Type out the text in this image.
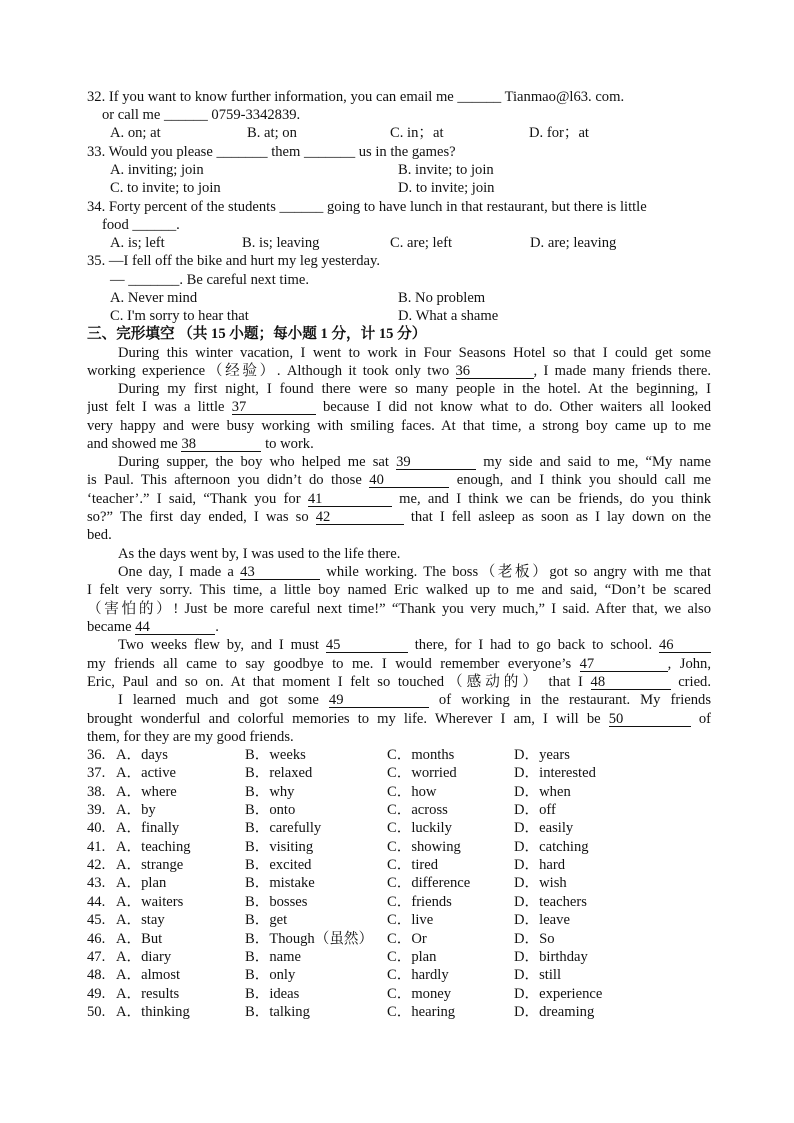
32. If you want to know further information, you can email me ______ Tianmao@l63. com.
or call me ______ 0759-3342839.
A. on; at	B. at; on	C. in；at	D. for；at
33. Would you please _______ them _______ us in the games?
A. inviting; join	B. invite; to join
C. to invite; to join	D. to invite; join
34. Forty percent of the students ______ going to have lunch in that restaurant, but there is little
food ______.
A. is; left	B. is; leaving	C. are; left	D. are; leaving
35. —I fell off the bike and hurt my leg yesterday.
— _______. Be careful next time.
A. Never mind	B. No problem
C. I'm sorry to hear that	D. What a shame
三、完形填空 （共 15 小题；每小题 1 分，计 15 分）
During this winter vacation, I went to work in Four Seasons Hotel so that I could get some
working experience（经验）. Although it took only two 36	, I made many friends there.
During my first night, I found there were so many people in the hotel. At the beginning, I
just felt I was a little 37	because I did not know what to do. Other waiters all looked
very happy and were busy working with smiling faces. At that time, a strong boy came up to me
and showed me 38	to work.
During supper, the boy who helped me sat 39	my side and said to me, “My name
is Paul. This afternoon you didn’t do those 40	enough, and I think you should call me
‘teacher’.” I said, “Thank you for 41	me, and I think we can be friends, do you think
so?” The first day ended, I was so 42	that I fell asleep as soon as I lay down on the
bed.
As the days went by, I was used to the life there.
One day, I made a 43	while working. The boss（老板）got so angry with me that
I felt very sorry. This time, a little boy named Eric walked up to me and said, “Don’t be scared
（害怕的）! Just be more careful next time!” “Thank you very much,” I said. After that, we also
became 44	.
Two weeks flew by, and I must 45	there, for I had to go back to school. 46
my friends all came to say goodbye to me. I would remember everyone’s 47	, John,
Eric, Paul and so on. At that moment I felt so touched（感动的） that I 48	cried.
I learned much and got some 49	of working in the restaurant. My friends
brought wonderful and colorful memories to my life. Wherever I am, I will be 50	of
them, for they are my good friends.
36. A．days	B．weeks	C．months	D．years
37. A．active	B．relaxed	C．worried	D．interested
38. A．where	B．why	C．how	D．when
39. A．by	B．onto	C．across	D．off
40. A．finally	B．carefully	C．luckily	D．easily
41. A．teaching	B．visiting	C．showing	D．catching
42. A．strange	B．excited	C．tired	D．hard
43. A．plan	B．mistake	C．difference	D．wish
44. A．waiters	B．bosses	C．friends	D．teachers
45. A．stay	B．get	C．live	D．leave
46. A．But	B．Though（虽然） C．Or	D．So
47. A．diary	B．name	C．plan	D．birthday
48. A．almost	B．only	C．hardly	D．still
49. A．results	B．ideas	C．money	D．experience
50. A．thinking	B．talking	C．hearing	D．dreaming
